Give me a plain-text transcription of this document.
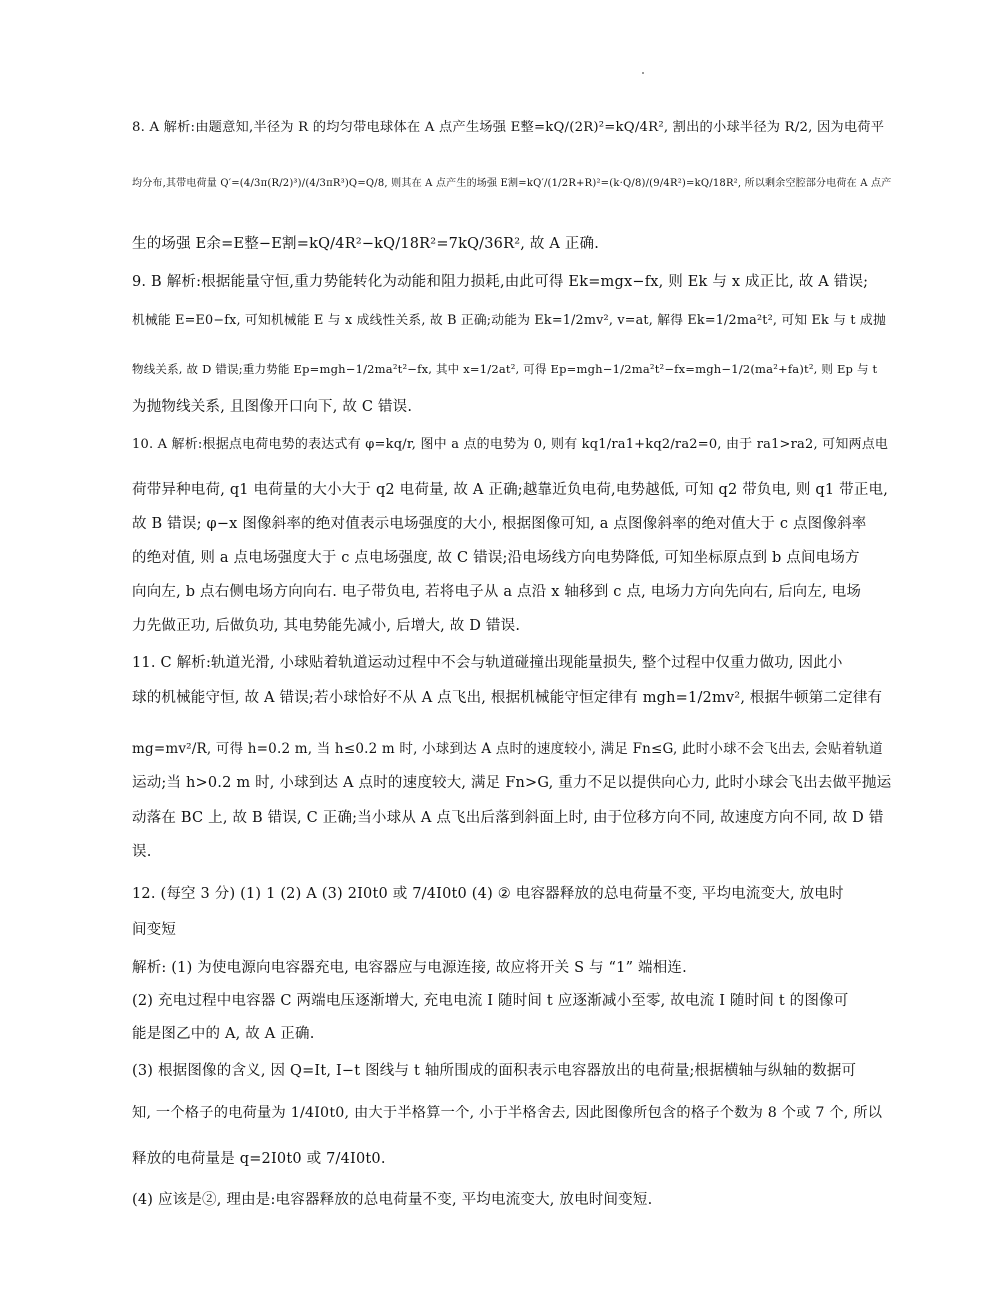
8. A 解析:由题意知,半径为 R 的均匀带电球体在 A 点产生场强 E整=kQ/(2R)²=kQ/4R², 割出的小球半径为 R/2, 因为电荷平
均分布,其带电荷量 Q′=(4/3π(R/2)³)/(4/3πR³)Q=Q/8, 则其在 A 点产生的场强 E割=kQ′/(1/2R+R)²=(k·Q/8)/(9/4R²)=kQ/18R², 所以剩余空腔部分电荷在 A 点产
生的场强 E余=E整−E割=kQ/4R²−kQ/18R²=7kQ/36R², 故 A 正确.
9. B 解析:根据能量守恒,重力势能转化为动能和阻力损耗,由此可得 Ek=mgx−fx, 则 Ek 与 x 成正比, 故 A 错误;
机械能 E=E0−fx, 可知机械能 E 与 x 成线性关系, 故 B 正确;动能为 Ek=1/2mv², v=at, 解得 Ek=1/2ma²t², 可知 Ek 与 t 成抛
物线关系, 故 D 错误;重力势能 Ep=mgh−1/2ma²t²−fx, 其中 x=1/2at², 可得 Ep=mgh−1/2ma²t²−fx=mgh−1/2(ma²+fa)t², 则 Ep 与 t
为抛物线关系, 且图像开口向下, 故 C 错误.
10. A 解析:根据点电荷电势的表达式有 φ=kq/r, 图中 a 点的电势为 0, 则有 kq1/ra1+kq2/ra2=0, 由于 ra1>ra2, 可知两点电
荷带异种电荷, q1 电荷量的大小大于 q2 电荷量, 故 A 正确;越靠近负电荷,电势越低, 可知 q2 带负电, 则 q1 带正电,
故 B 错误; φ−x 图像斜率的绝对值表示电场强度的大小, 根据图像可知, a 点图像斜率的绝对值大于 c 点图像斜率
的绝对值, 则 a 点电场强度大于 c 点电场强度, 故 C 错误;沿电场线方向电势降低, 可知坐标原点到 b 点间电场方
向向左, b 点右侧电场方向向右. 电子带负电, 若将电子从 a 点沿 x 轴移到 c 点, 电场力方向先向右, 后向左, 电场
力先做正功, 后做负功, 其电势能先减小, 后增大, 故 D 错误.
11. C 解析:轨道光滑, 小球贴着轨道运动过程中不会与轨道碰撞出现能量损失, 整个过程中仅重力做功, 因此小
球的机械能守恒, 故 A 错误;若小球恰好不从 A 点飞出, 根据机械能守恒定律有 mgh=1/2mv², 根据牛顿第二定律有
mg=mv²/R, 可得 h=0.2 m, 当 h≤0.2 m 时, 小球到达 A 点时的速度较小, 满足 Fn≤G, 此时小球不会飞出去, 会贴着轨道
运动;当 h>0.2 m 时, 小球到达 A 点时的速度较大, 满足 Fn>G, 重力不足以提供向心力, 此时小球会飞出去做平抛运
动落在 BC 上, 故 B 错误, C 正确;当小球从 A 点飞出后落到斜面上时, 由于位移方向不同, 故速度方向不同, 故 D 错
误.
12. (每空 3 分) (1) 1 (2) A (3) 2I0t0 或 7/4I0t0 (4) ② 电容器释放的总电荷量不变, 平均电流变大, 放电时
间变短
解析: (1) 为使电源向电容器充电, 电容器应与电源连接, 故应将开关 S 与 “1” 端相连.
(2) 充电过程中电容器 C 两端电压逐渐增大, 充电电流 I 随时间 t 应逐渐减小至零, 故电流 I 随时间 t 的图像可
能是图乙中的 A, 故 A 正确.
(3) 根据图像的含义, 因 Q=It, I−t 图线与 t 轴所围成的面积表示电容器放出的电荷量;根据横轴与纵轴的数据可
知, 一个格子的电荷量为 1/4I0t0, 由大于半格算一个, 小于半格舍去, 因此图像所包含的格子个数为 8 个或 7 个, 所以
释放的电荷量是 q=2I0t0 或 7/4I0t0.
(4) 应该是②, 理由是:电容器释放的总电荷量不变, 平均电流变大, 放电时间变短.
